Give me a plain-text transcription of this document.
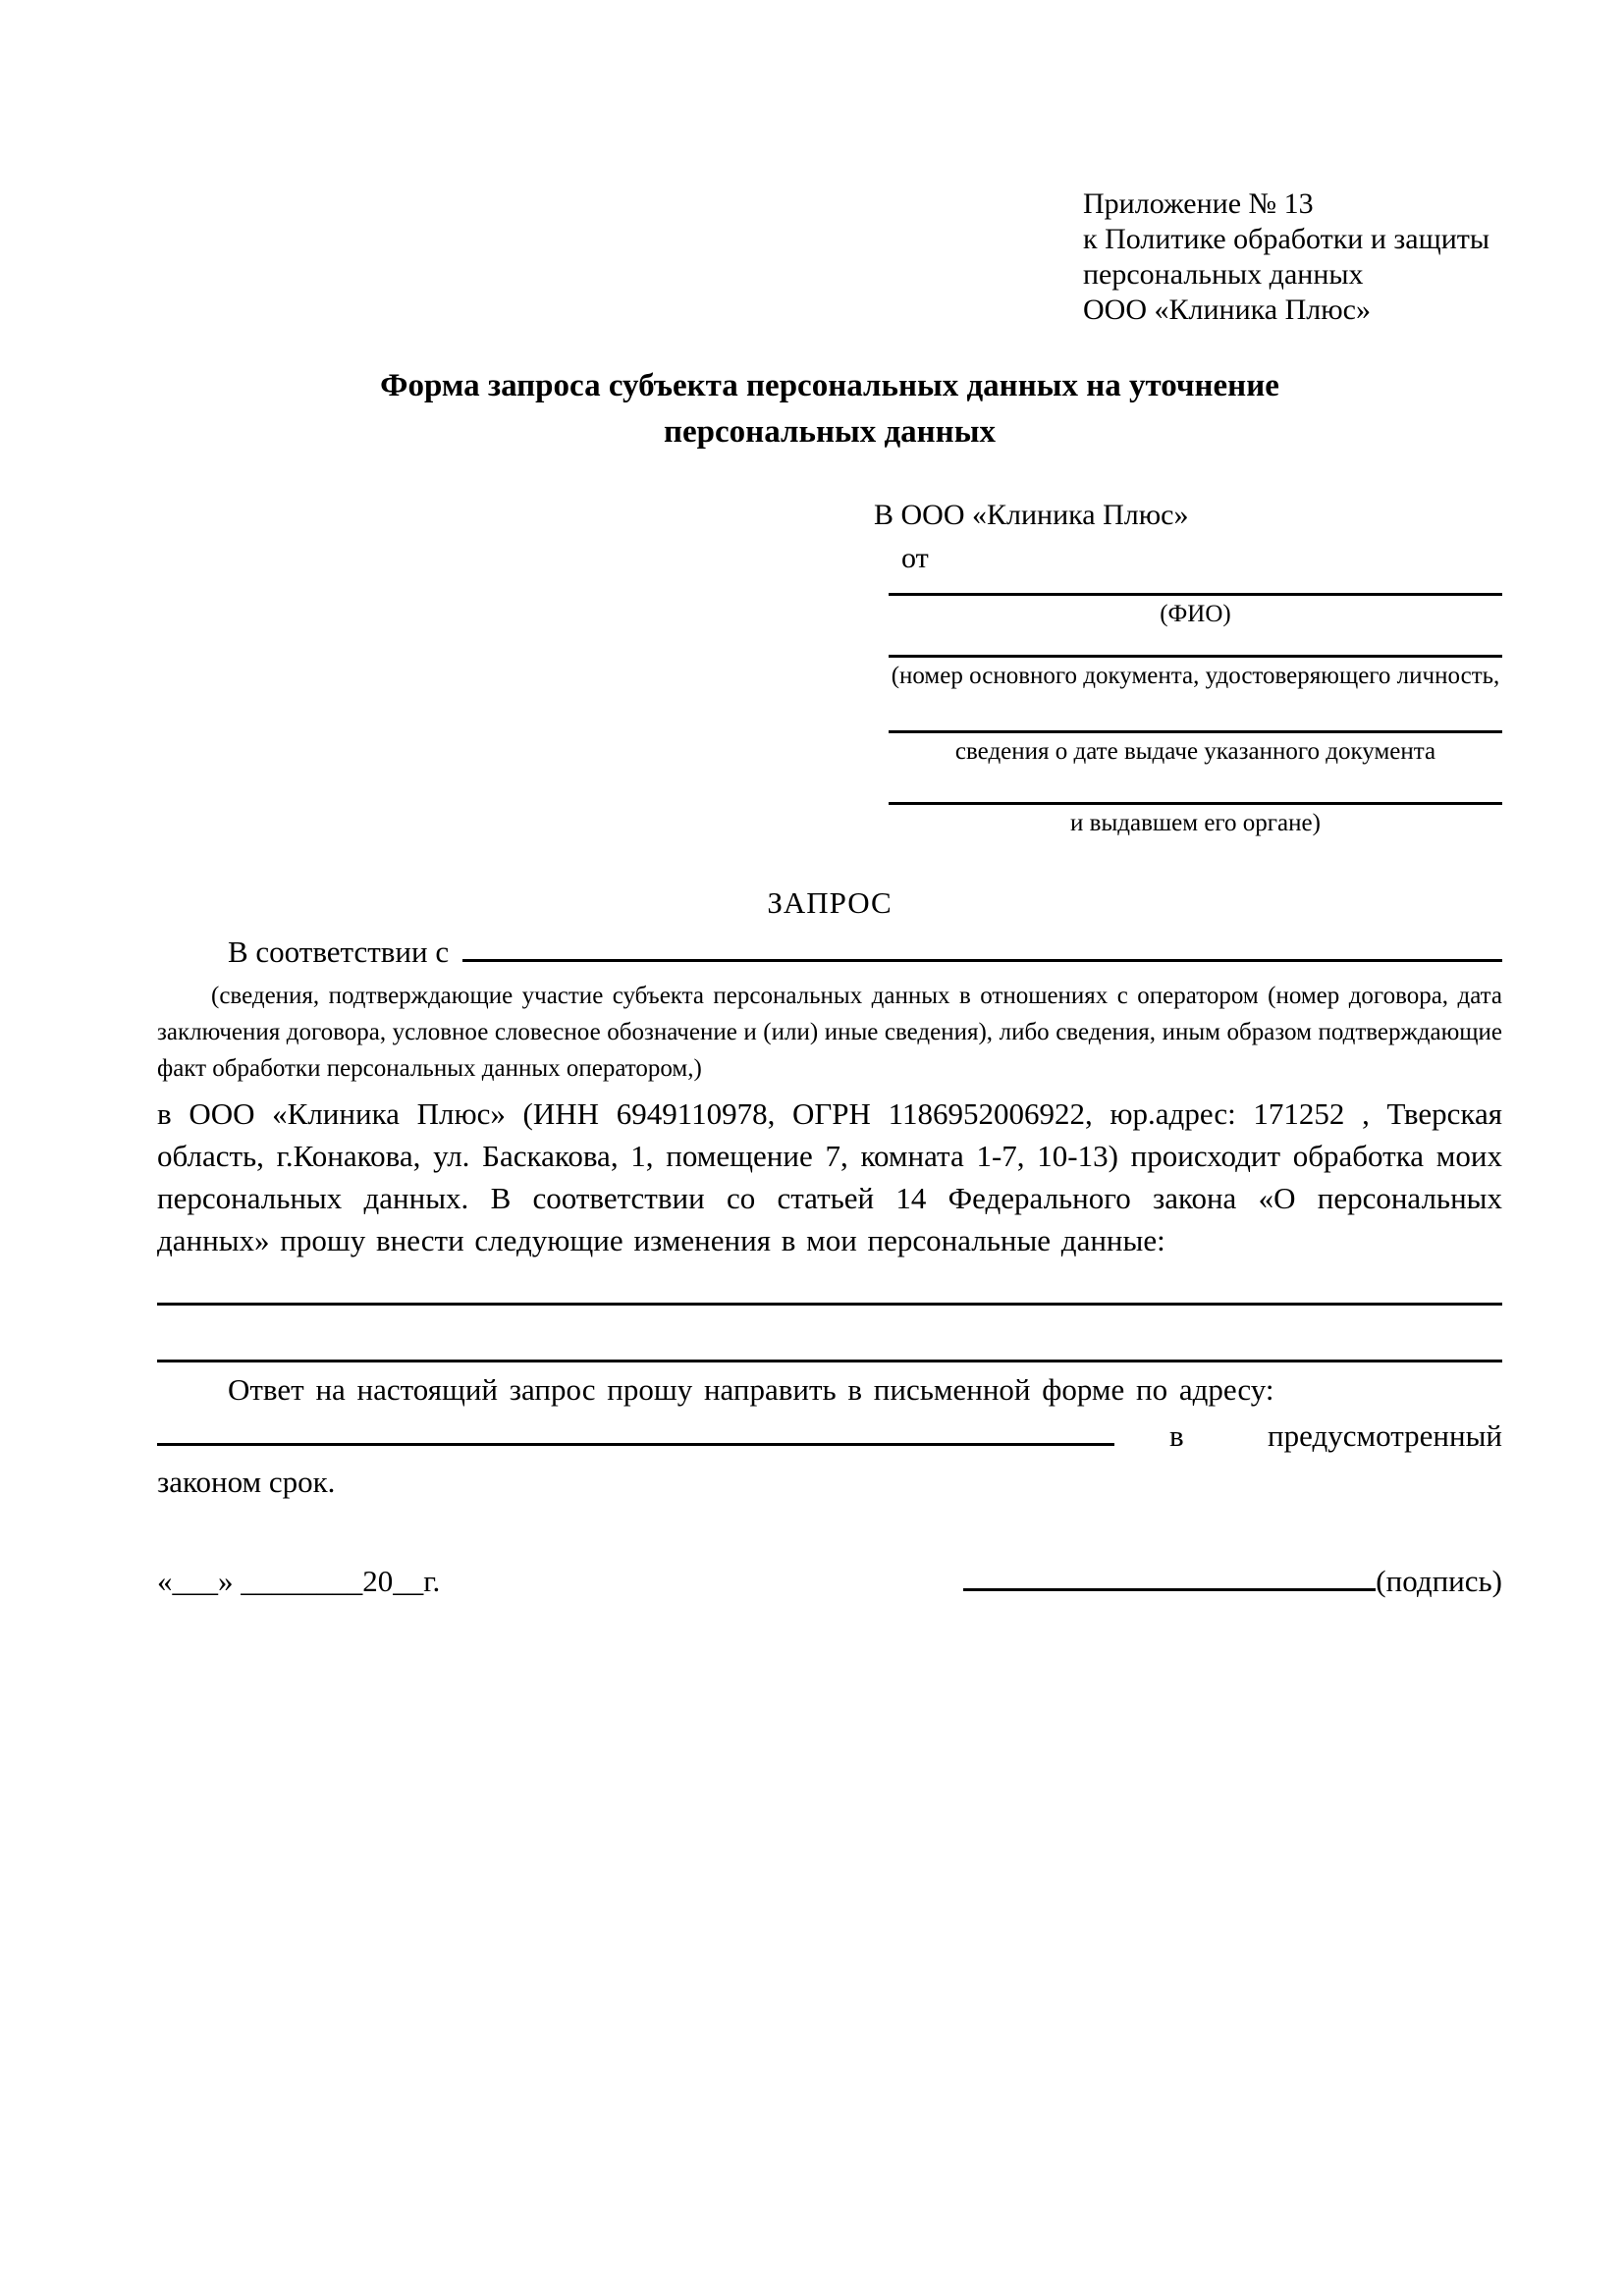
Приложение № 13
к Политике обработки и защиты
персональных данных
ООО «Клиника Плюс»
Форма запроса субъекта персональных данных на уточнение
персональных данных
В ООО «Клиника Плюс»
от
(ФИО)
(номер основного документа, удостоверяющего личность,
сведения о дате выдаче указанного документа
и выдавшем его органе)
ЗАПРОС
В соответствии с

(сведения, подтверждающие участие субъекта персональных данных в отношениях с оператором (номер договора, дата заключения договора, условное словесное обозначение и (или) иные сведения), либо сведения, иным образом подтверждающие факт обработки персональных данных оператором,)

в ООО «Клиника Плюс» (ИНН 6949110978, ОГРН 1186952006922, юр.адрес: 171252 , Тверская область, г.Конакова, ул. Баскакова, 1, помещение 7, комната 1-7, 10-13) происходит обработка моих персональных данных. В соответствии со статьей 14 Федерального закона «О персональных данных» прошу внести следующие изменения в мои персональные данные:

Ответ на настоящий запрос прошу направить в письменной форме по адресу:

в	предусмотренный
законом срок.
«___» ________20__г.	(подпись)
